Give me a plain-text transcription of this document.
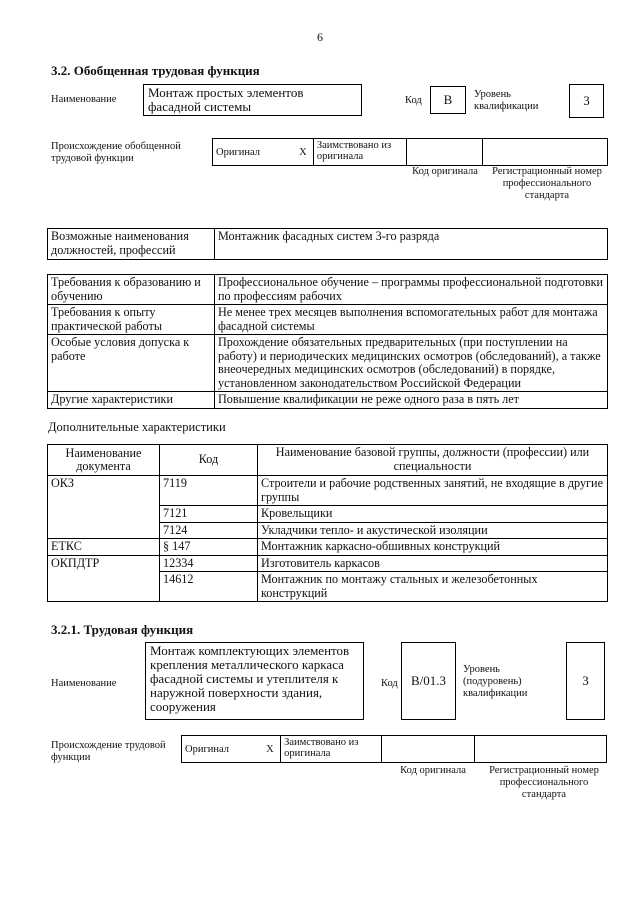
6
3.2. Обобщенная трудовая функция
Наименование	Монтаж простых элементов фасадной системы	Код	B	Уровень квалификации	3
Происхождение обобщенной трудовой функции
Оригинал	X	Заимствовано из оригинала		
Код оригинала	Регистрационный номер профессионального стандарта
Возможные наименования должностей, профессий	Монтажник фасадных систем 3-го разряда
Требования к образованию и обучению	Профессиональное обучение – программы профессиональной подготовки по профессиям рабочих
Требования к опыту практической работы	Не менее трех месяцев выполнения вспомогательных работ для монтажа фасадной системы
Особые условия допуска к работе	Прохождение обязательных предварительных (при поступлении на работу) и периодических медицинских осмотров (обследований), а также внеочередных медицинских осмотров (обследований) в порядке, установленном законодательством Российской Федерации
Другие характеристики	Повышение квалификации не реже одного раза в пять лет
Дополнительные характеристики
Наименование документа	Код	Наименование базовой группы, должности (профессии) или специальности
ОКЗ	7119	Строители и рабочие родственных занятий, не входящие в другие группы
	7121	Кровельщики
	7124	Укладчики тепло- и акустической изоляции
ЕТКС	§ 147	Монтажник каркасно-обшивных конструкций
ОКПДТР	12334	Изготовитель каркасов
	14612	Монтажник по монтажу стальных и железобетонных конструкций
3.2.1. Трудовая функция
Наименование
Монтаж комплектующих элементов крепления металлического каркаса фасадной системы и утеплителя к наружной поверхности здания, сооружения
Код	B/01.3
Уровень (подуровень) квалификации
3
Происхождение трудовой функции
Оригинал	X	Заимствовано из оригинала		
Код оригинала	Регистрационный номер профессионального стандарта
